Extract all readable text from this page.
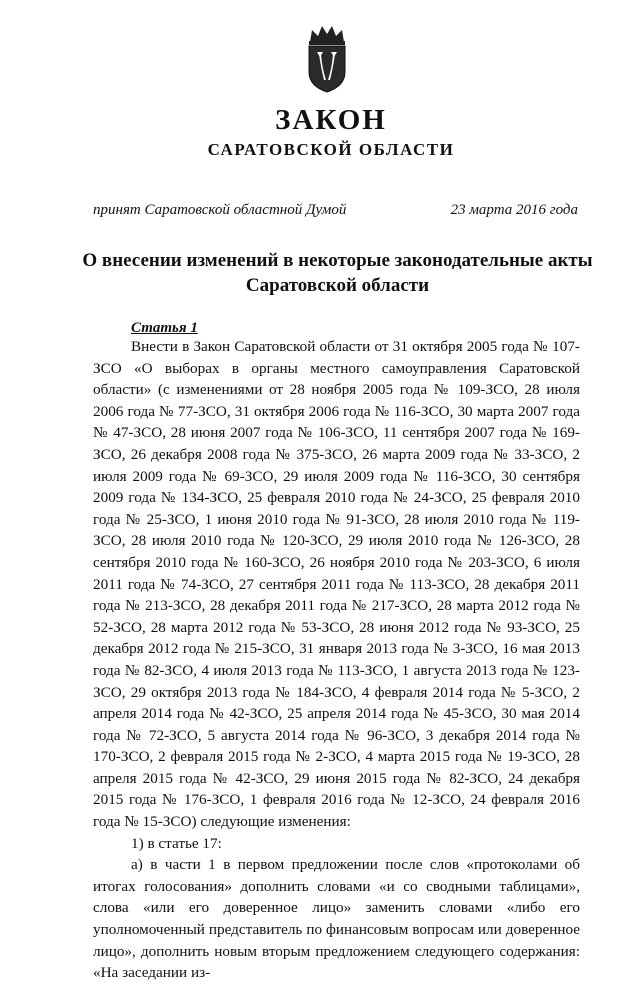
ЗАКОН
САРАТОВСКОЙ ОБЛАСТИ
принят Саратовской областной Думой	23 марта 2016 года
О внесении изменений в некоторые законодательные акты Саратовской области
Статья 1

Внести в Закон Саратовской области от 31 октября 2005 года № 107-ЗСО «О выборах в органы местного самоуправления Саратовской области» (с изменениями от 28 ноября 2005 года № 109-ЗСО, 28 июля 2006 года № 77-ЗСО, 31 октября 2006 года № 116-ЗСО, 30 марта 2007 года № 47-ЗСО, 28 июня 2007 года № 106-ЗСО, 11 сентября 2007 года № 169-ЗСО, 26 декабря 2008 года № 375-ЗСО, 26 марта 2009 года № 33-ЗСО, 2 июля 2009 года № 69-ЗСО, 29 июля 2009 года № 116-ЗСО, 30 сентября 2009 года № 134-ЗСО, 25 февраля 2010 года № 24-ЗСО, 25 февраля 2010 года № 25-ЗСО, 1 июня 2010 года № 91-ЗСО, 28 июля 2010 года № 119-ЗСО, 28 июля 2010 года № 120-ЗСО, 29 июля 2010 года № 126-ЗСО, 28 сентября 2010 года № 160-ЗСО, 26 ноября 2010 года № 203-ЗСО, 6 июля 2011 года № 74-ЗСО, 27 сентября 2011 года № 113-ЗСО, 28 декабря 2011 года № 213-ЗСО, 28 декабря 2011 года № 217-ЗСО, 28 марта 2012 года № 52-ЗСО, 28 марта 2012 года № 53-ЗСО, 28 июня 2012 года № 93-ЗСО, 25 декабря 2012 года № 215-ЗСО, 31 января 2013 года № 3-ЗСО, 16 мая 2013 года № 82-ЗСО, 4 июля 2013 года № 113-ЗСО, 1 августа 2013 года № 123-ЗСО, 29 октября 2013 года № 184-ЗСО, 4 февраля 2014 года № 5-ЗСО, 2 апреля 2014 года № 42-ЗСО, 25 апреля 2014 года № 45-ЗСО, 30 мая 2014 года № 72-ЗСО, 5 августа 2014 года № 96-ЗСО, 3 декабря 2014 года № 170-ЗСО, 2 февраля 2015 года № 2-ЗСО, 4 марта 2015 года № 19-ЗСО, 28 апреля 2015 года № 42-ЗСО, 29 июня 2015 года № 82-ЗСО, 24 декабря 2015 года № 176-ЗСО, 1 февраля 2016 года № 12-ЗСО, 24 февраля 2016 года № 15-ЗСО) следующие изменения:

1) в статье 17:

а) в части 1 в первом предложении после слов «протоколами об итогах голосования» дополнить словами «и со сводными таблицами», слова «или его доверенное лицо» заменить словами «либо его уполномоченный представитель по финансовым вопросам или доверенное лицо», дополнить новым вторым предложением следующего содержания: «На заседании из-
